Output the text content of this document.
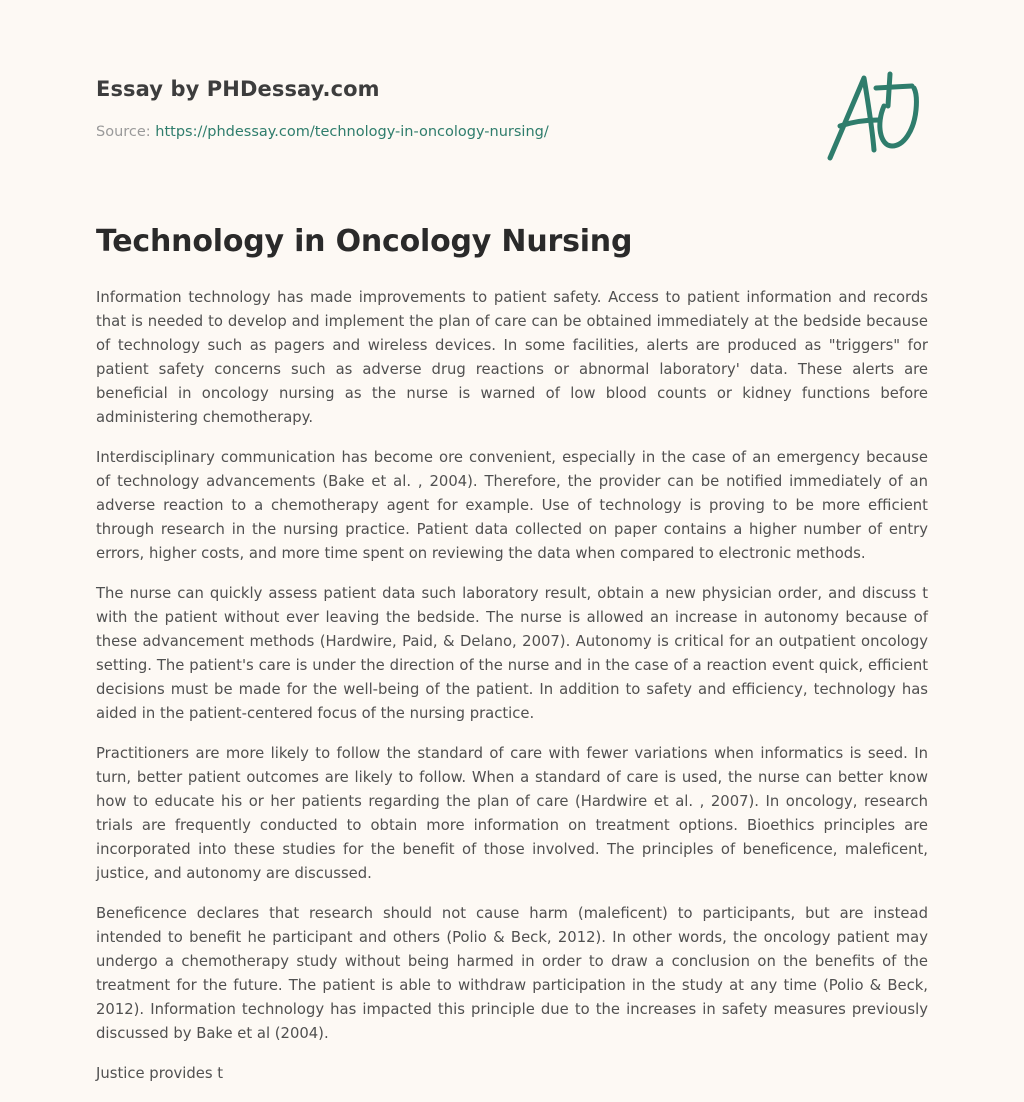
Essay by PHDessay.com

Source: https://phdessay.com/technology-in-oncology-nursing/

Technology in Oncology Nursing

Information technology has made improvements to patient safety. Access to patient information and records that is needed to develop and implement the plan of care can be obtained immediately at the bedside because of technology such as pagers and wireless devices. In some facilities, alerts are produced as "triggers" for patient safety concerns such as adverse drug reactions or abnormal laboratory' data. These alerts are beneficial in oncology nursing as the nurse is warned of low blood counts or kidney functions before administering chemotherapy.

Interdisciplinary communication has become ore convenient, especially in the case of an emergency because of technology advancements (Bake et al. , 2004). Therefore, the provider can be notified immediately of an adverse reaction to a chemotherapy agent for example. Use of technology is proving to be more efficient through research in the nursing practice. Patient data collected on paper contains a higher number of entry errors, higher costs, and more time spent on reviewing the data when compared to electronic methods.

The nurse can quickly assess patient data such laboratory result, obtain a new physician order, and discuss t with the patient without ever leaving the bedside. The nurse is allowed an increase in autonomy because of these advancement methods (Hardwire, Paid, & Delano, 2007). Autonomy is critical for an outpatient oncology setting. The patient's care is under the direction of the nurse and in the case of a reaction event quick, efficient decisions must be made for the well-being of the patient. In addition to safety and efficiency, technology has aided in the patient-centered focus of the nursing practice.

Practitioners are more likely to follow the standard of care with fewer variations when informatics is seed. In turn, better patient outcomes are likely to follow. When a standard of care is used, the nurse can better know how to educate his or her patients regarding the plan of care (Hardwire et al. , 2007). In oncology, research trials are frequently conducted to obtain more information on treatment options. Bioethics principles are incorporated into these studies for the benefit of those involved. The principles of beneficence, maleficent, justice, and autonomy are discussed.

Beneficence declares that research should not cause harm (maleficent) to participants, but are instead intended to benefit he participant and others (Polio & Beck, 2012). In other words, the oncology patient may undergo a chemotherapy study without being harmed in order to draw a conclusion on the benefits of the treatment for the future. The patient is able to withdraw participation in the study at any time (Polio & Beck, 2012). Information technology has impacted this principle due to the increases in safety measures previously discussed by Bake et al (2004).

Justice provides t
